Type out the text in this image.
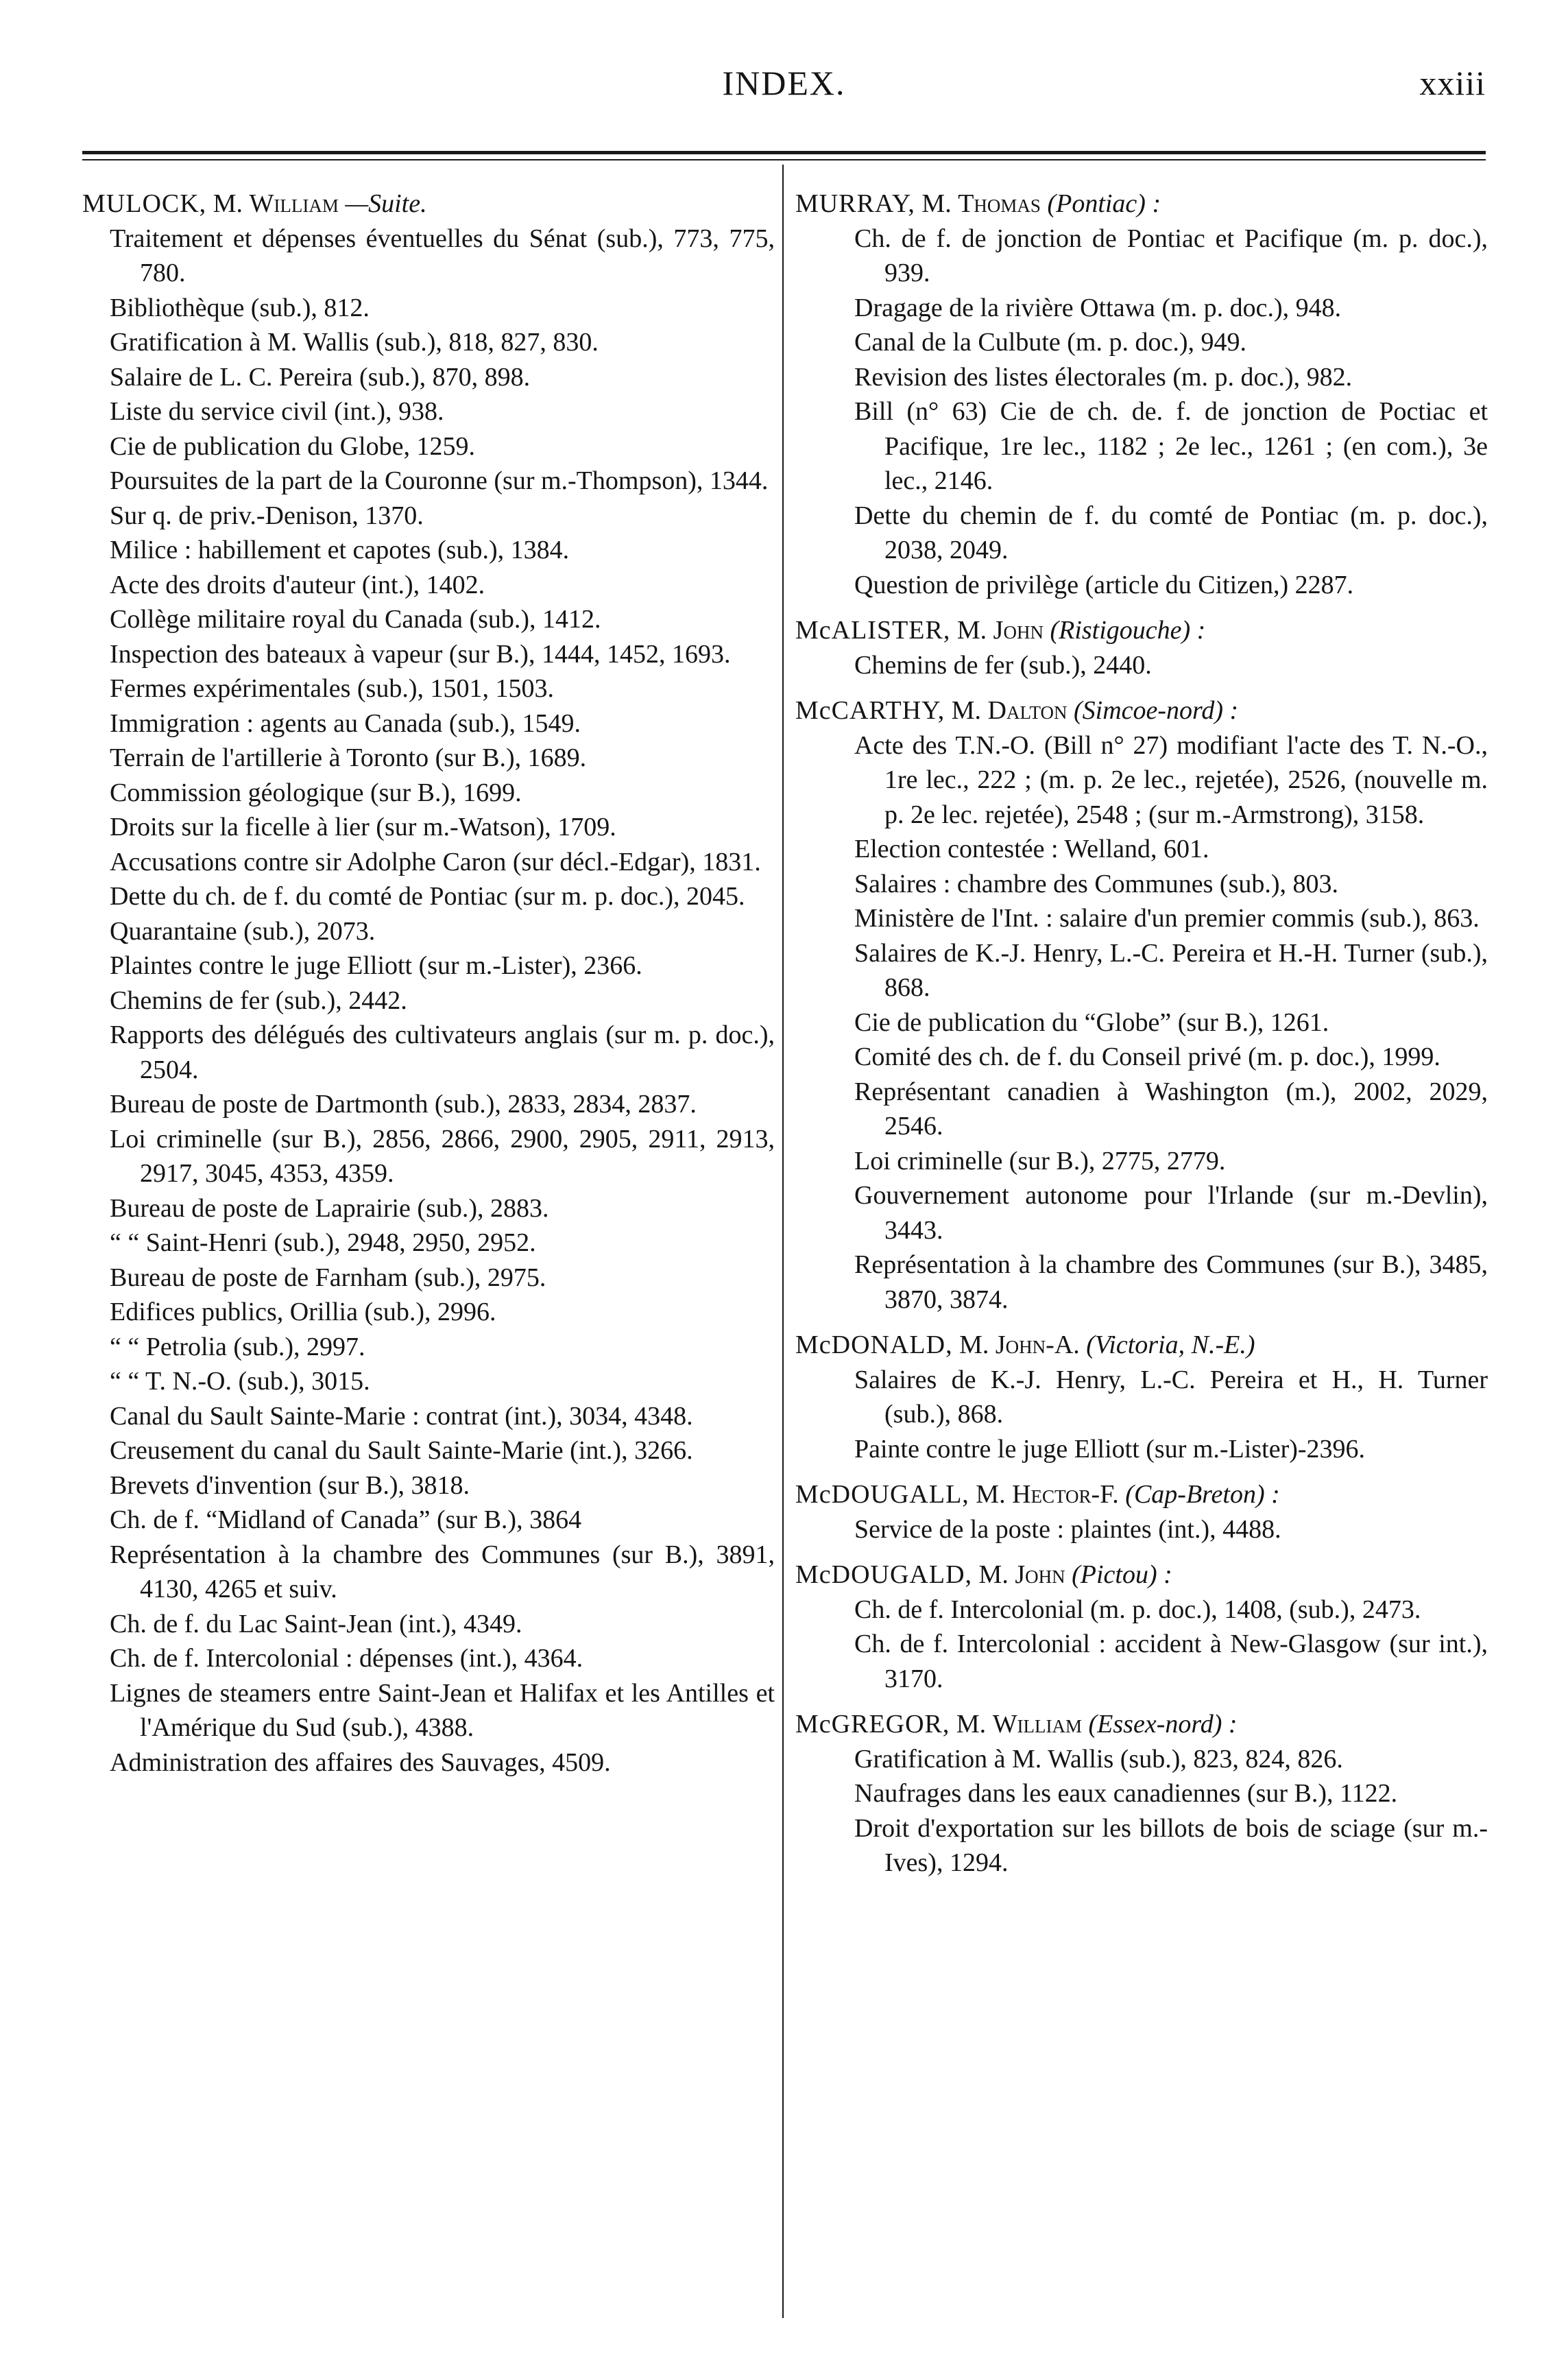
INDEX.	xxiii
MULOCK, M. William —Suite.
Traitement et dépenses éventuelles du Sénat (sub.), 773, 775, 780.
Bibliothèque (sub.), 812.
Gratification à M. Wallis (sub.), 818, 827, 830.
Salaire de L. C. Pereira (sub.), 870, 898.
Liste du service civil (int.), 938.
Cie de publication du Globe, 1259.
Poursuites de la part de la Couronne (sur m.-Thompson), 1344.
Sur q. de priv.-Denison, 1370.
Milice : habillement et capotes (sub.), 1384.
Acte des droits d'auteur (int.), 1402.
Collège militaire royal du Canada (sub.), 1412.
Inspection des bateaux à vapeur (sur B.), 1444, 1452, 1693.
Fermes expérimentales (sub.), 1501, 1503.
Immigration : agents au Canada (sub.), 1549.
Terrain de l'artillerie à Toronto (sur B.), 1689.
Commission géologique (sur B.), 1699.
Droits sur la ficelle à lier (sur m.-Watson), 1709.
Accusations contre sir Adolphe Caron (sur décl.-Edgar), 1831.
Dette du ch. de f. du comté de Pontiac (sur m. p. doc.), 2045.
Quarantaine (sub.), 2073.
Plaintes contre le juge Elliott (sur m.-Lister), 2366.
Chemins de fer (sub.), 2442.
Rapports des délégués des cultivateurs anglais (sur m. p. doc.), 2504.
Bureau de poste de Dartmonth (sub.), 2833, 2834, 2837.
Loi criminelle (sur B.), 2856, 2866, 2900, 2905, 2911, 2913, 2917, 3045, 4353, 4359.
Bureau de poste de Laprairie (sub.), 2883.
“ “ Saint-Henri (sub.), 2948, 2950, 2952.
Bureau de poste de Farnham (sub.), 2975.
Edifices publics, Orillia (sub.), 2996.
“ “ Petrolia (sub.), 2997.
“ “ T. N.-O. (sub.), 3015.
Canal du Sault Sainte-Marie : contrat (int.), 3034, 4348.
Creusement du canal du Sault Sainte-Marie (int.), 3266.
Brevets d'invention (sur B.), 3818.
Ch. de f. “Midland of Canada” (sur B.), 3864
Représentation à la chambre des Communes (sur B.), 3891, 4130, 4265 et suiv.
Ch. de f. du Lac Saint-Jean (int.), 4349.
Ch. de f. Intercolonial : dépenses (int.), 4364.
Lignes de steamers entre Saint-Jean et Halifax et les Antilles et l'Amérique du Sud (sub.), 4388.
Administration des affaires des Sauvages, 4509.
MURRAY, M. Thomas (Pontiac) :
Ch. de f. de jonction de Pontiac et Pacifique (m. p. doc.), 939.
Dragage de la rivière Ottawa (m. p. doc.), 948.
Canal de la Culbute (m. p. doc.), 949.
Revision des listes électorales (m. p. doc.), 982.
Bill (n° 63) Cie de ch. de. f. de jonction de Poctiac et Pacifique, 1re lec., 1182 ; 2e lec., 1261 ; (en com.), 3e lec., 2146.
Dette du chemin de f. du comté de Pontiac (m. p. doc.), 2038, 2049.
Question de privilège (article du Citizen,) 2287.
McALISTER, M. John (Ristigouche) :
Chemins de fer (sub.), 2440.
McCARTHY, M. Dalton (Simcoe-nord) :
Acte des T.N.-O. (Bill n° 27) modifiant l'acte des T. N.-O., 1re lec., 222 ; (m. p. 2e lec., rejetée), 2526, (nouvelle m. p. 2e lec. rejetée), 2548 ; (sur m.-Armstrong), 3158.
Election contestée : Welland, 601.
Salaires : chambre des Communes (sub.), 803.
Ministère de l'Int. : salaire d'un premier commis (sub.), 863.
Salaires de K.-J. Henry, L.-C. Pereira et H.-H. Turner (sub.), 868.
Cie de publication du “Globe” (sur B.), 1261.
Comité des ch. de f. du Conseil privé (m. p. doc.), 1999.
Représentant canadien à Washington (m.), 2002, 2029, 2546.
Loi criminelle (sur B.), 2775, 2779.
Gouvernement autonome pour l'Irlande (sur m.-Devlin), 3443.
Représentation à la chambre des Communes (sur B.), 3485, 3870, 3874.
McDONALD, M. John-A. (Victoria, N.-E.)
Salaires de K.-J. Henry, L.-C. Pereira et H., H. Turner (sub.), 868.
Painte contre le juge Elliott (sur m.-Lister)-2396.
McDOUGALL, M. Hector-F. (Cap-Breton) :
Service de la poste : plaintes (int.), 4488.
McDOUGALD, M. John (Pictou) :
Ch. de f. Intercolonial (m. p. doc.), 1408, (sub.), 2473.
Ch. de f. Intercolonial : accident à New-Glasgow (sur int.), 3170.
McGREGOR, M. William (Essex-nord) :
Gratification à M. Wallis (sub.), 823, 824, 826.
Naufrages dans les eaux canadiennes (sur B.), 1122.
Droit d'exportation sur les billots de bois de sciage (sur m.-Ives), 1294.
